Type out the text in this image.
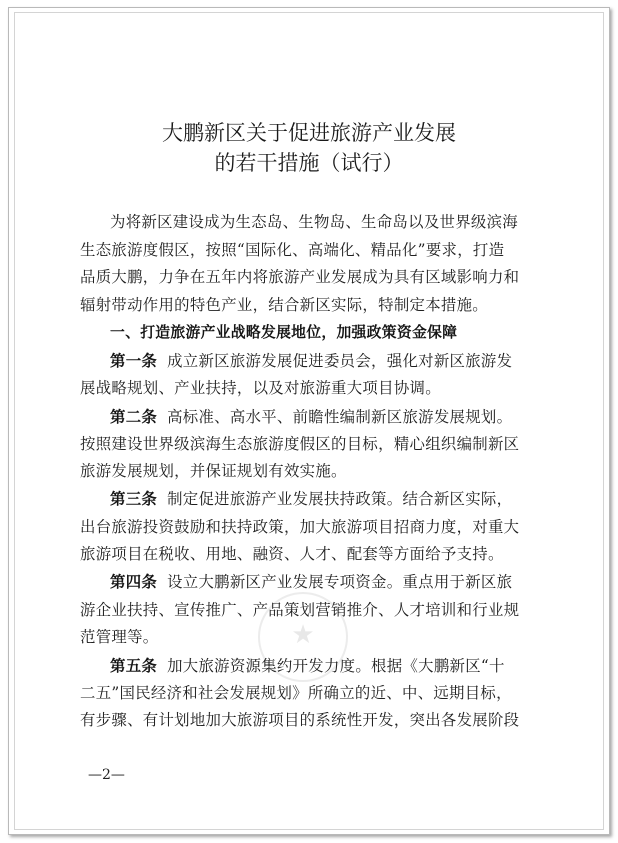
★
大鹏新区关于促进旅游产业发展
的若干措施（试行）
为将新区建设成为生态岛、生物岛、生命岛以及世界级滨海
生态旅游度假区，按照“国际化、高端化、精品化”要求，打造
品质大鹏，力争在五年内将旅游产业发展成为具有区域影响力和
辐射带动作用的特色产业，结合新区实际，特制定本措施。
一、打造旅游产业战略发展地位，加强政策资金保障
第一条 成立新区旅游发展促进委员会，强化对新区旅游发
展战略规划、产业扶持，以及对旅游重大项目协调。
第二条 高标准、高水平、前瞻性编制新区旅游发展规划。
按照建设世界级滨海生态旅游度假区的目标，精心组织编制新区
旅游发展规划，并保证规划有效实施。
第三条 制定促进旅游产业发展扶持政策。结合新区实际，
出台旅游投资鼓励和扶持政策，加大旅游项目招商力度，对重大
旅游项目在税收、用地、融资、人才、配套等方面给予支持。
第四条 设立大鹏新区产业发展专项资金。重点用于新区旅
游企业扶持、宣传推广、产品策划营销推介、人才培训和行业规
范管理等。
第五条 加大旅游资源集约开发力度。根据《大鹏新区“十
二五”国民经济和社会发展规划》所确立的近、中、远期目标，
有步骤、有计划地加大旅游项目的系统性开发，突出各发展阶段
—2—
